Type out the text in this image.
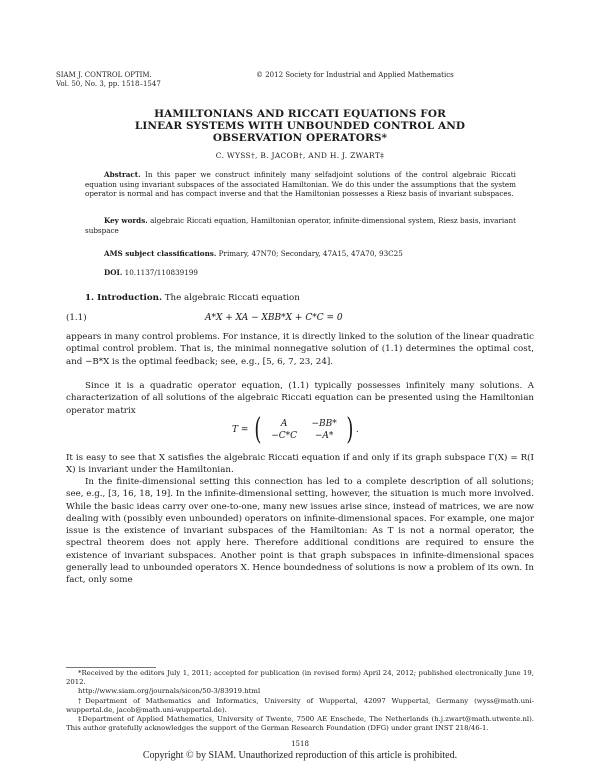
SIAM J. CONTROL OPTIM.
Vol. 50, No. 3, pp. 1518–1547
© 2012 Society for Industrial and Applied Mathematics
HAMILTONIANS AND RICCATI EQUATIONS FOR
LINEAR SYSTEMS WITH UNBOUNDED CONTROL AND
OBSERVATION OPERATORS*
C. WYSS†, B. JACOB†, AND H. J. ZWART‡
Abstract. In this paper we construct infinitely many selfadjoint solutions of the control algebraic Riccati equation using invariant subspaces of the associated Hamiltonian. We do this under the assumptions that the system operator is normal and has compact inverse and that the Hamiltonian possesses a Riesz basis of invariant subspaces.
Key words. algebraic Riccati equation, Hamiltonian operator, infinite-dimensional system, Riesz basis, invariant subspace
AMS subject classifications. Primary, 47N70; Secondary, 47A15, 47A70, 93C25
DOI. 10.1137/110839199
1. Introduction. The algebraic Riccati equation
(1.1)	A*X + XA − XBB*X + C*C = 0
appears in many control problems. For instance, it is directly linked to the solution of the linear quadratic optimal control problem. That is, the minimal nonnegative solution of (1.1) determines the optimal cost, and −B*X is the optimal feedback; see, e.g., [5, 6, 7, 23, 24].
Since it is a quadratic operator equation, (1.1) typically possesses infinitely many solutions. A characterization of all solutions of the algebraic Riccati equation can be presented using the Hamiltonian operator matrix
T = (	A	−BB*
−C*C	−A* ) .
It is easy to see that X satisfies the algebraic Riccati equation if and only if its graph subspace Γ(X) = R(I X) is invariant under the Hamiltonian.
In the finite-dimensional setting this connection has led to a complete description of all solutions; see, e.g., [3, 16, 18, 19]. In the infinite-dimensional setting, however, the situation is much more involved. While the basic ideas carry over one-to-one, many new issues arise since, instead of matrices, we are now dealing with (possibly even unbounded) operators on infinite-dimensional spaces. For example, one major issue is the existence of invariant subspaces of the Hamiltonian: As T is not a normal operator, the spectral theorem does not apply here. Therefore additional conditions are required to ensure the existence of invariant subspaces. Another point is that graph subspaces in infinite-dimensional spaces generally lead to unbounded operators X. Hence boundedness of solutions is now a problem of its own. In fact, only some
*Received by the editors July 1, 2011; accepted for publication (in revised form) April 24, 2012; published electronically June 19, 2012.
http://www.siam.org/journals/sicon/50-3/83919.html
†Department of Mathematics and Informatics, University of Wuppertal, 42097 Wuppertal, Germany (wyss@math.uni-wuppertal.de, jacob@math.uni-wuppertal.de).
‡Department of Applied Mathematics, University of Twente, 7500 AE Enschede, The Netherlands (h.j.zwart@math.utwente.nl). This author gratefully acknowledges the support of the German Research Foundation (DFG) under grant INST 218/46-1.
Copyright © by SIAM. Unauthorized reproduction of this article is prohibited.
1518
